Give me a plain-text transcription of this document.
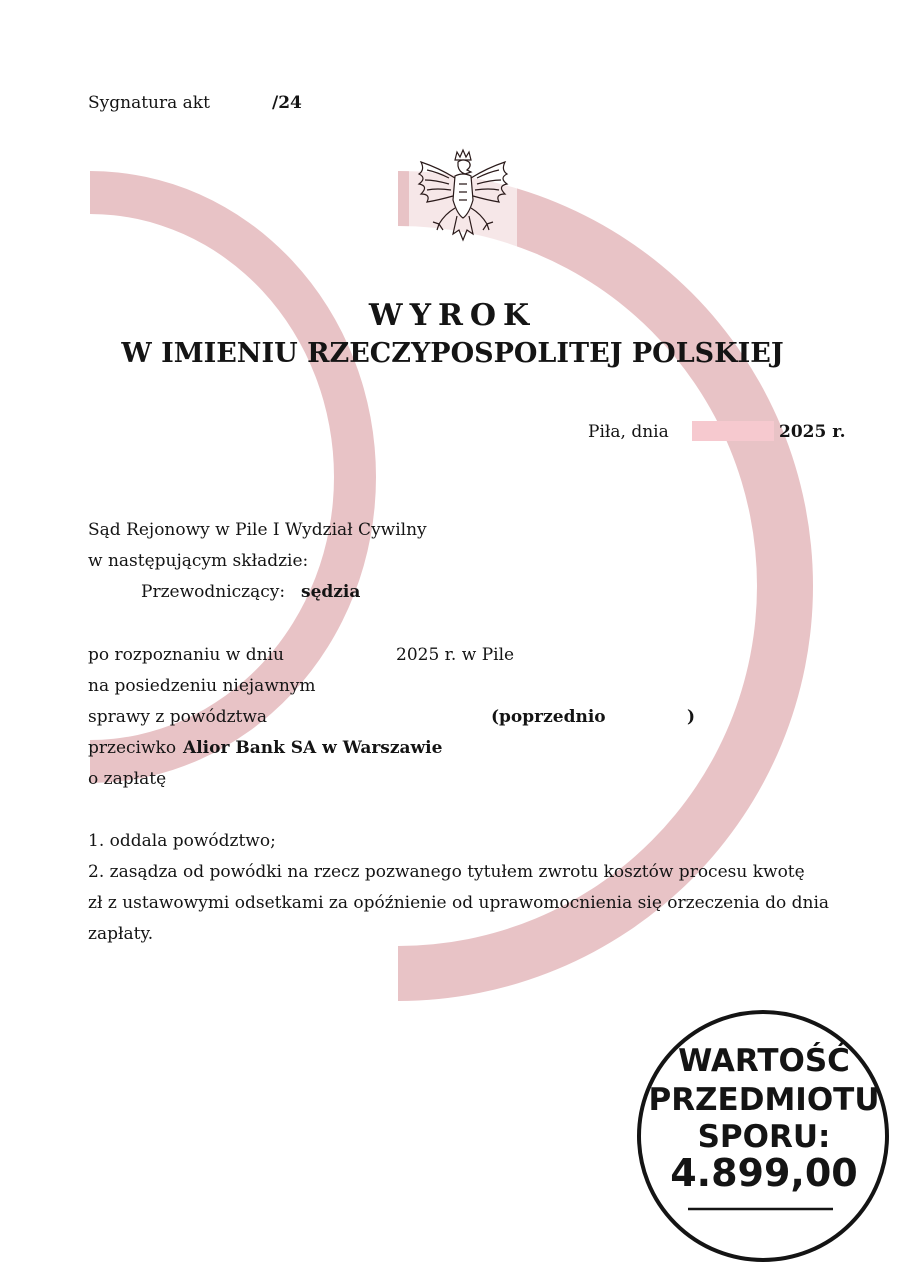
Sygnatura akt	/24
WYROK
W IMIENIU RZECZYPOSPOLITEJ POLSKIEJ
Piła, dnia	2025 r.
Sąd Rejonowy w Pile I Wydział Cywilny
w następującym składzie:
Przewodniczący: sędzia
po rozpoznaniu w dniu	2025 r. w Pile
na posiedzeniu niejawnym
sprawy z powództwa	(poprzednio	)
przeciwko Alior Bank SA w Warszawie
o zapłatę
1. oddala powództwo;
2. zasądza od powódki na rzecz pozwanego tytułem zwrotu kosztów procesu kwotę
zł z ustawowymi odsetkami za opóźnienie od uprawomocnienia się orzeczenia do dnia
zapłaty.
WARTOŚĆ
PRZEDMIOTU
SPORU:
4.899,00
